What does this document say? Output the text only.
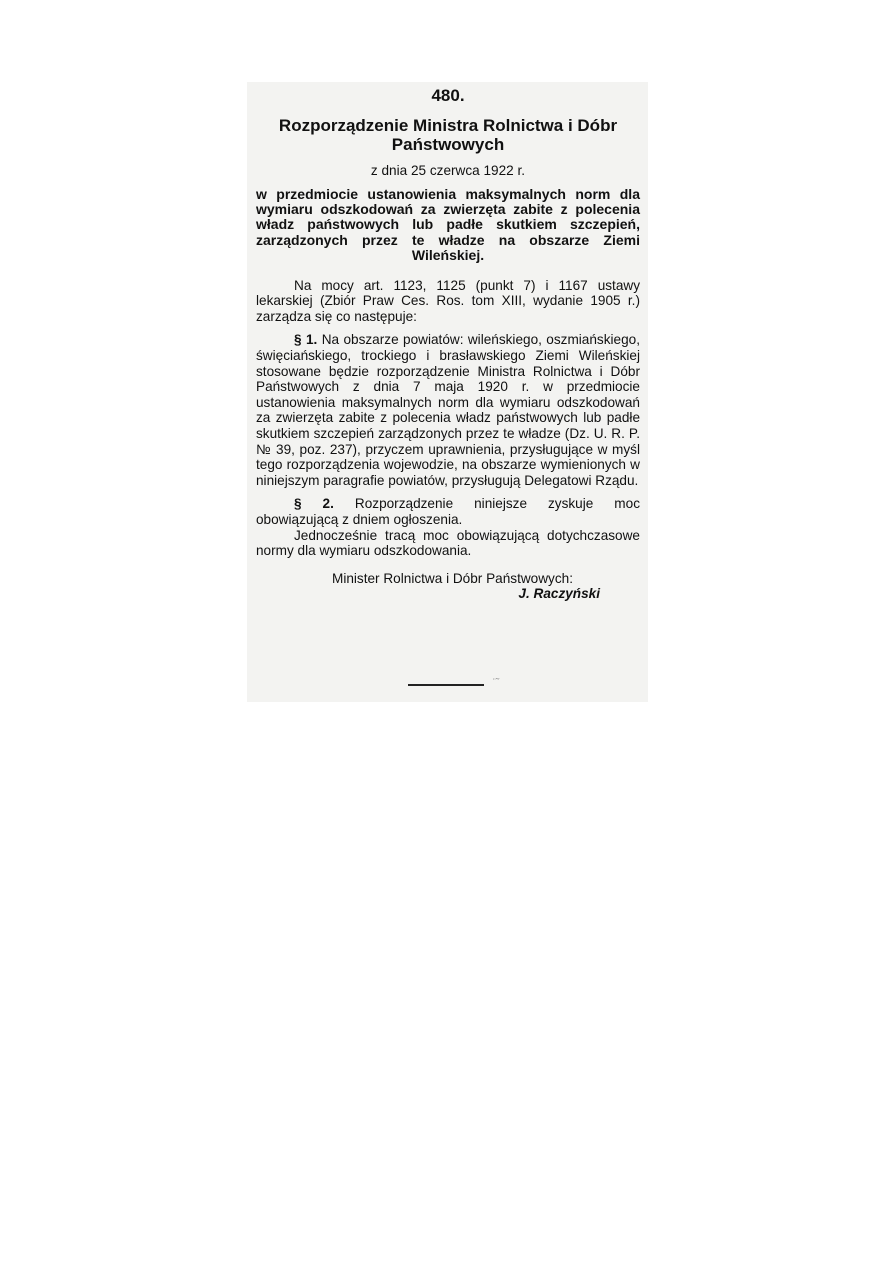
480.
Rozporządzenie Ministra Rolnictwa i Dóbr Państwowych
z dnia 25 czerwca 1922 r.
w przedmiocie ustanowienia maksymalnych norm dla wymiaru odszkodowań za zwierzęta zabite z polecenia władz państwowych lub padłe skutkiem szczepień, zarządzonych przez te władze na obszarze Ziemi Wileńskiej.

Na mocy art. 1123, 1125 (punkt 7) i 1167 ustawy lekarskiej (Zbiór Praw Ces. Ros. tom XIII, wydanie 1905 r.) zarządza się co następuje:

§ 1. Na obszarze powiatów: wileńskiego, oszmiańskiego, święciańskiego, trockiego i brasławskiego Ziemi Wileńskiej stosowane będzie rozporządzenie Ministra Rolnictwa i Dóbr Państwowych z dnia 7 maja 1920 r. w przedmiocie ustanowienia maksymalnych norm dla wymiaru odszkodowań za zwierzęta zabite z polecenia władz państwowych lub padłe skutkiem szczepień zarządzonych przez te władze (Dz. U. R. P. № 39, poz. 237), przyczem uprawnienia, przysługujące w myśl tego rozporządzenia wojewodzie, na obszarze wymienionych w niniejszym paragrafie powiatów, przysługują Delegatowi Rządu.

§ 2. Rozporządzenie niniejsze zyskuje moc obowiązującą z dniem ogłoszenia.

Jednocześnie tracą moc obowiązującą dotychczasowe normy dla wymiaru odszkodowania.

Minister Rolnictwa i Dóbr Państwowych:
J. Raczyński
ʾ̃
